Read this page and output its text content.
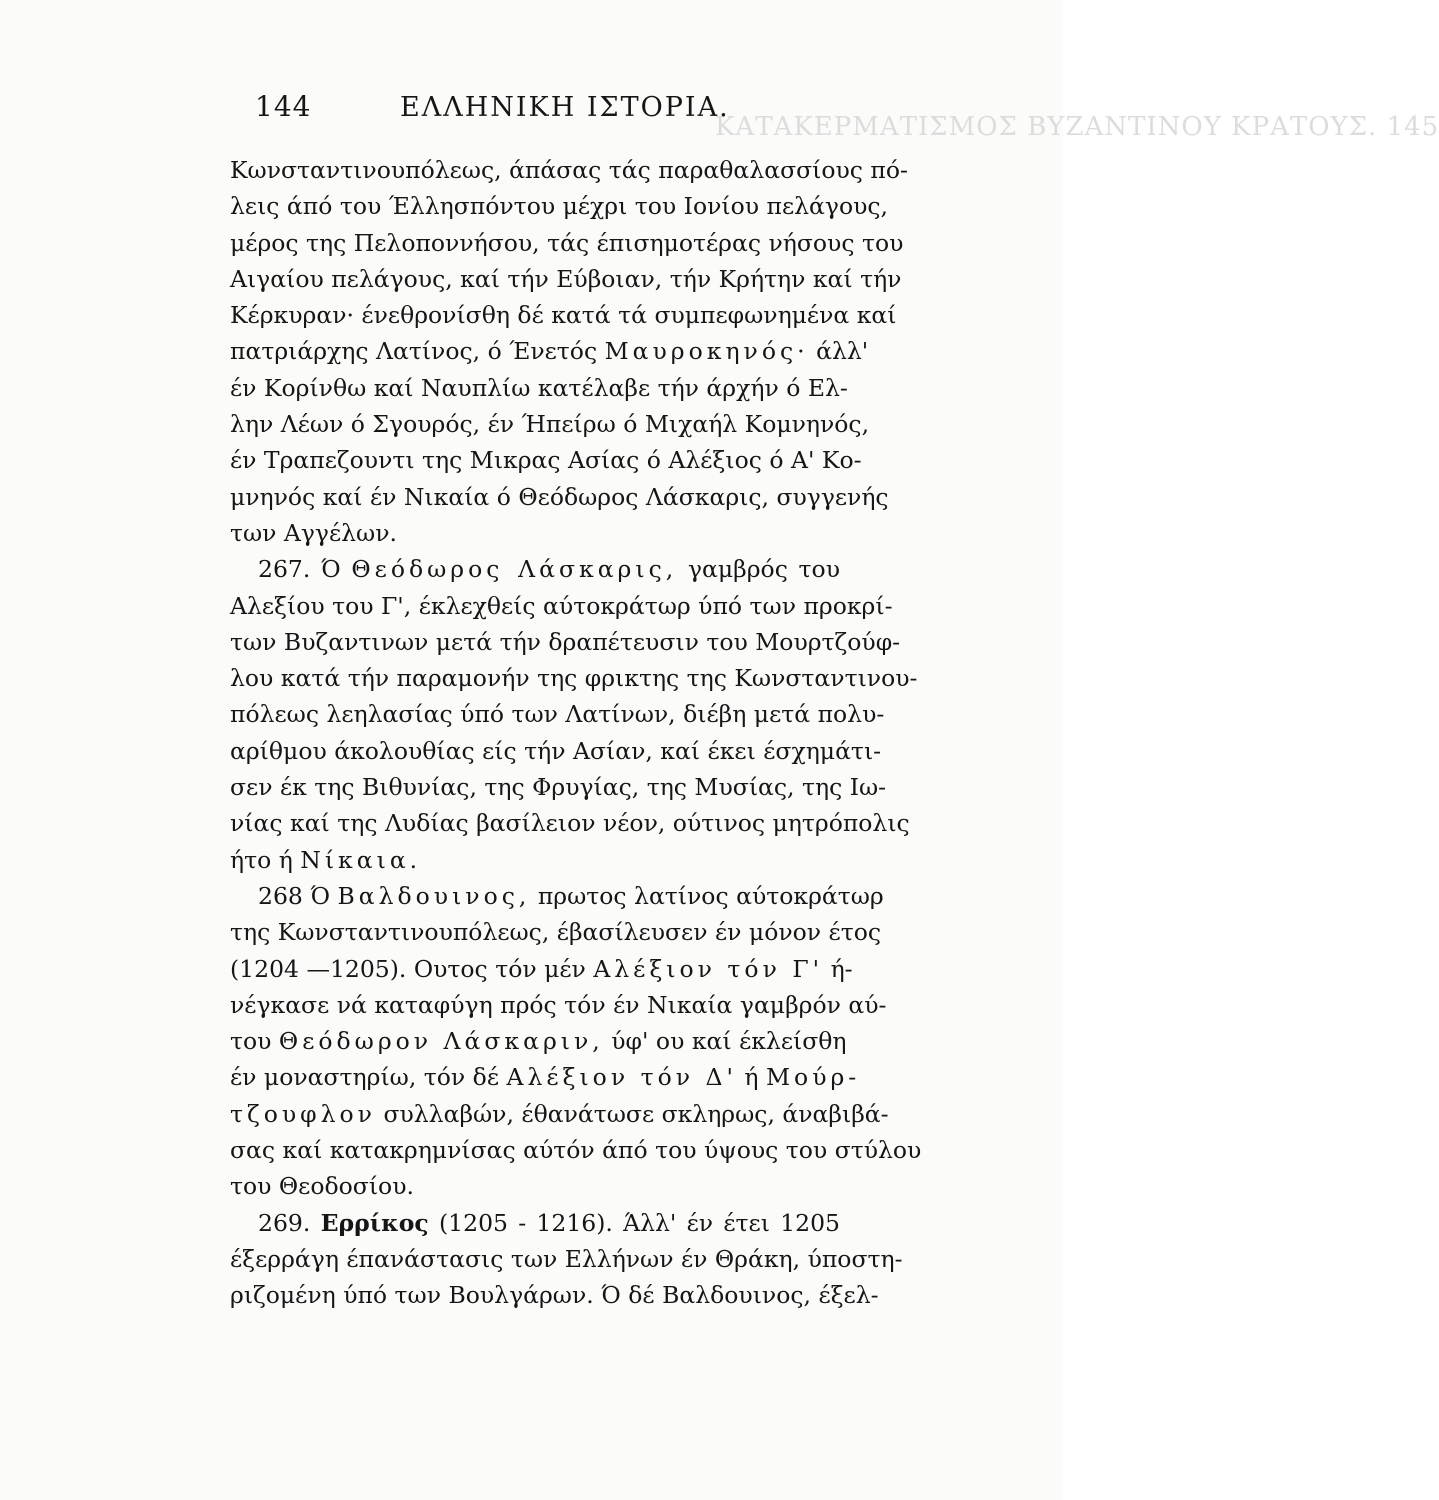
ΚΑΤΑΚΕΡΜΑΤΙΣΜΟΣ ΒΥΖΑΝΤΙΝΟΥ ΚΡΑΤΟΥΣ. 145
144	ΕΛΛΗΝΙΚΗ ΙΣΤΟΡΙΑ.
Κωνσταντινουπόλεως, άπάσας τάς παραθαλασσίους πό-
λεις άπό του Έλλησπόντου μέχρι του Ιονίου πελάγους,
μέρος της Πελοποννήσου, τάς έπισημοτέρας νήσους του
Αιγαίου πελάγους, καί τήν Εύβοιαν, τήν Κρήτην καί τήν
Κέρκυραν· ένεθρονίσθη δέ κατά τά συμπεφωνημένα καί
πατριάρχης Λατίνος, ό Ένετός Μαυροκηνός· άλλ'
έν Κορίνθω καί Ναυπλίω κατέλαβε τήν άρχήν ό Ελ-
λην Λέων ό Σγουρός, έν Ήπείρω ό Μιχαήλ Κομνηνός,
έν Τραπεζουντι της Μικρας Ασίας ό Αλέξιος ό Α' Κο-
μνηνός καί έν Νικαία ό Θεόδωρος Λάσκαρις, συγγενής
των Αγγέλων.
267. Ό Θεόδωρος Λάσκαρις, γαμβρός του
Αλεξίου του Γ', έκλεχθείς αύτοκράτωρ ύπό των προκρί-
των Βυζαντινων μετά τήν δραπέτευσιν του Μουρτζούφ-
λου κατά τήν παραμονήν της φρικτης της Κωνσταντινου-
πόλεως λεηλασίας ύπό των Λατίνων, διέβη μετά πολυ-
αρίθμου άκολουθίας είς τήν Ασίαν, καί έκει έσχημάτι-
σεν έκ της Βιθυνίας, της Φρυγίας, της Μυσίας, της Ιω-
νίας καί της Λυδίας βασίλειον νέον, ούτινος μητρόπολις
ήτο ή Νίκαια.
268 Ό Βαλδουινος, πρωτος λατίνος αύτοκράτωρ
της Κωνσταντινουπόλεως, έβασίλευσεν έν μόνον έτος
(1204 —1205). Ουτος τόν μέν Αλέξιον τόν Γ' ή-
νέγκασε νά καταφύγη πρός τόν έν Νικαία γαμβρόν αύ-
του Θεόδωρον Λάσκαριν, ύφ' ου καί έκλείσθη
έν μοναστηρίω, τόν δέ Αλέξιον τόν Δ' ή Μούρ-
τζουφλον συλλαβών, έθανάτωσε σκληρως, άναβιβά-
σας καί κατακρημνίσας αύτόν άπό του ύψους του στύλου
του Θεοδοσίου.
269. Ερρίκος (1205 - 1216). Άλλ' έν έτει 1205
έξερράγη έπανάστασις των Ελλήνων έν Θράκη, ύποστη-
ριζομένη ύπό των Βουλγάρων. Ό δέ Βαλδουινος, έξελ-
